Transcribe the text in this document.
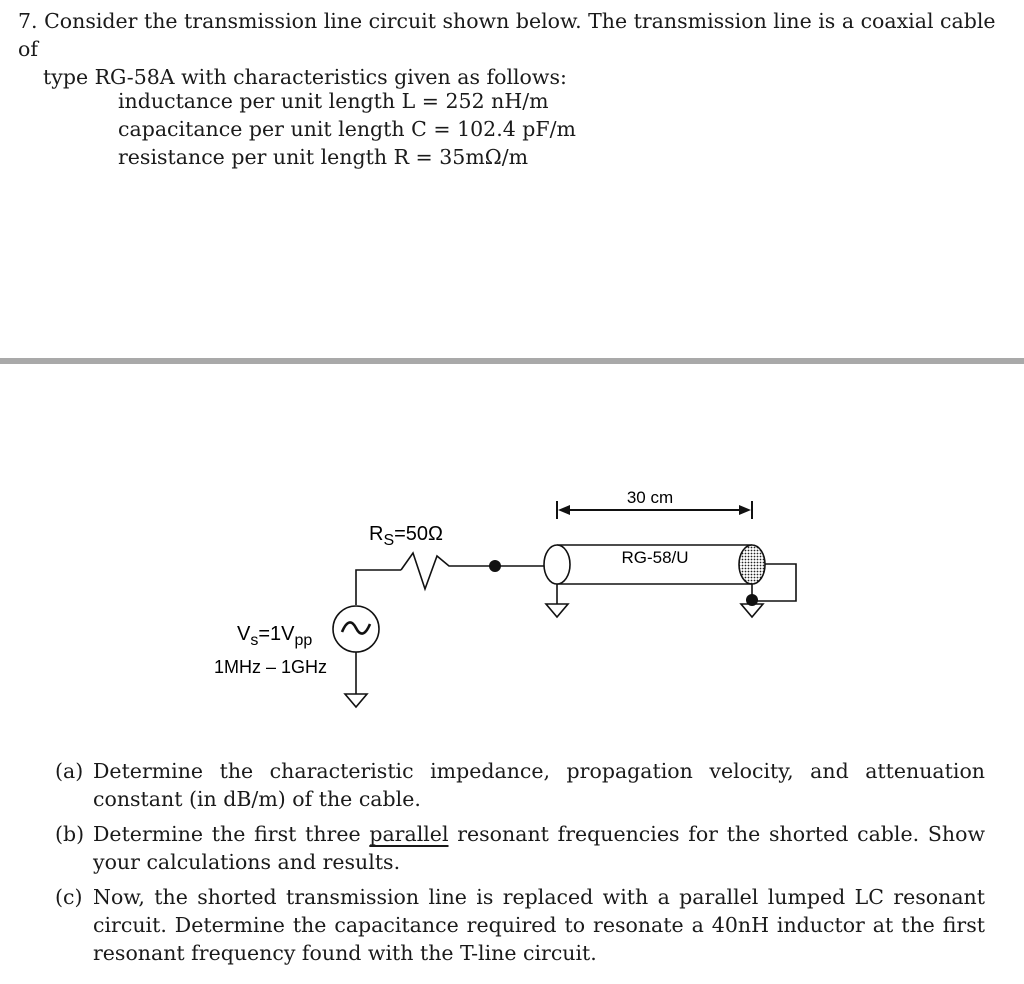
7. Consider the transmission line circuit shown below. The transmission line is a coaxial cable of
type RG-58A with characteristics given as follows:
inductance per unit length L = 252 nH/m
capacitance per unit length C = 102.4 pF/m
resistance per unit length R = 35mΩ/m
30 cm
$R_S=50\Omega$
RG-58/U
$V_s=1V_{pp}$
1MHz – 1GHz
(a) Determine the characteristic impedance, propagation velocity, and attenuation constant (in dB/m) of the cable.
(b) Determine the first three parallel resonant frequencies for the shorted cable. Show your calculations and results.
(c) Now, the shorted transmission line is replaced with a parallel lumped LC resonant circuit. Determine the capacitance required to resonate a 40nH inductor at the first resonant frequency found with the T-line circuit.
